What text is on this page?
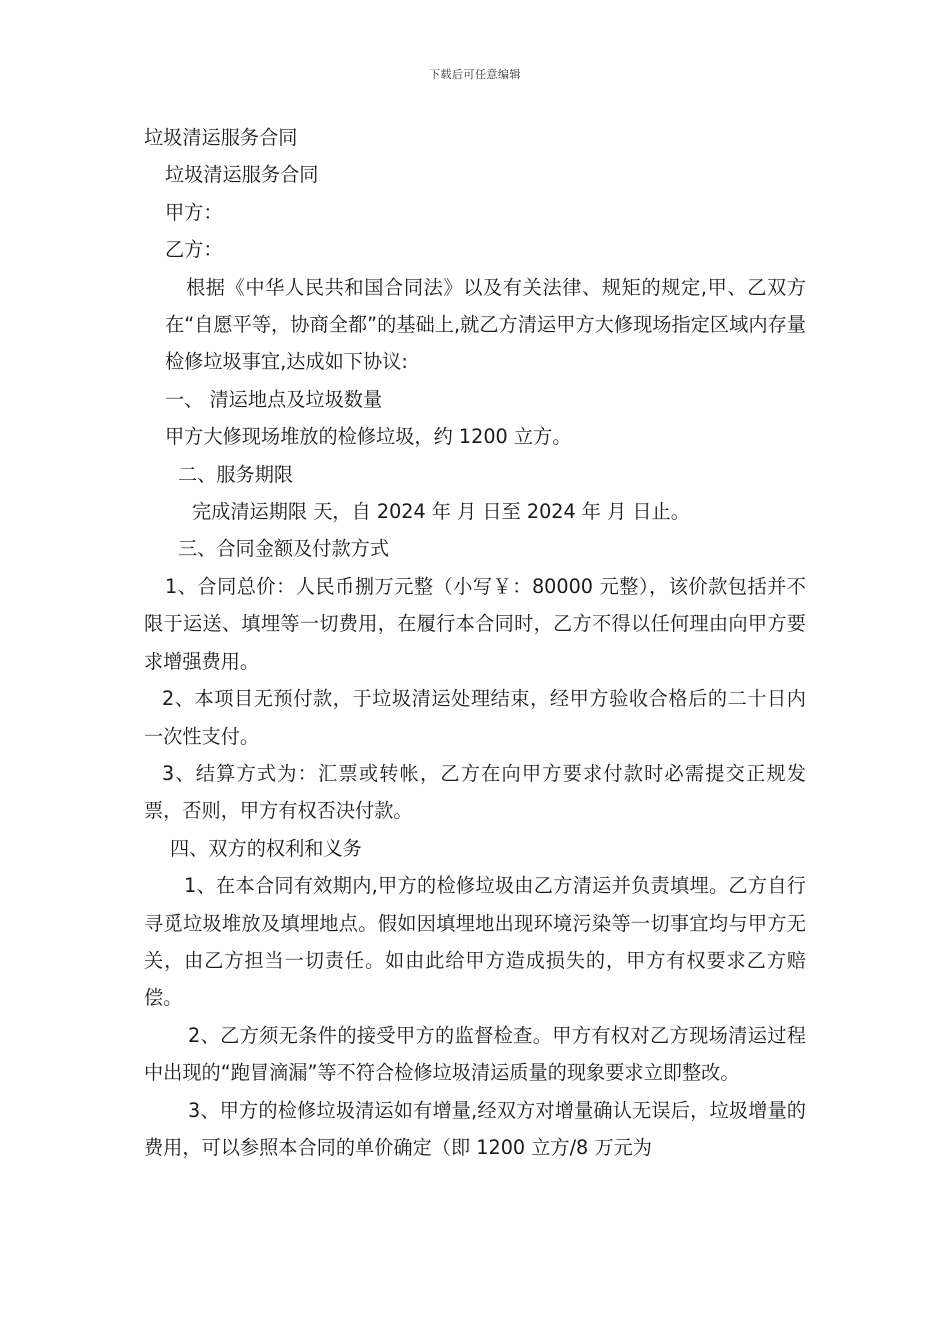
下载后可任意编辑

垃圾清运服务合同

垃圾清运服务合同

甲方：

乙方：

根据《中华人民共和国合同法》以及有关法律、规矩的规定,甲、乙双方在“自愿平等，协商全都”的基础上,就乙方清运甲方大修现场指定区域内存量检修垃圾事宜,达成如下协议:

一、 清运地点及垃圾数量

甲方大修现场堆放的检修垃圾，约 1200 立方。

二、服务期限

完成清运期限 天，自 2024 年 月 日至 2024 年 月 日止。

三、合同金额及付款方式

1、合同总价：人民币捌万元整（小写￥：80000 元整），该价款包括并不限于运送、填埋等一切费用，在履行本合同时，乙方不得以任何理由向甲方要求增强费用。

2、本项目无预付款，于垃圾清运处理结束，经甲方验收合格后的二十日内一次性支付。

3、结算方式为：汇票或转帐，乙方在向甲方要求付款时必需提交正规发票，否则，甲方有权否决付款。

四、双方的权利和义务

1、在本合同有效期内,甲方的检修垃圾由乙方清运并负责填埋。乙方自行寻觅垃圾堆放及填埋地点。假如因填埋地出现环境污染等一切事宜均与甲方无关，由乙方担当一切责任。如由此给甲方造成损失的，甲方有权要求乙方赔偿。

2、乙方须无条件的接受甲方的监督检查。甲方有权对乙方现场清运过程中出现的“跑冒滴漏”等不符合检修垃圾清运质量的现象要求立即整改。

3、甲方的检修垃圾清运如有增量,经双方对增量确认无误后，垃圾增量的费用，可以参照本合同的单价确定（即 1200 立方/8 万元为
